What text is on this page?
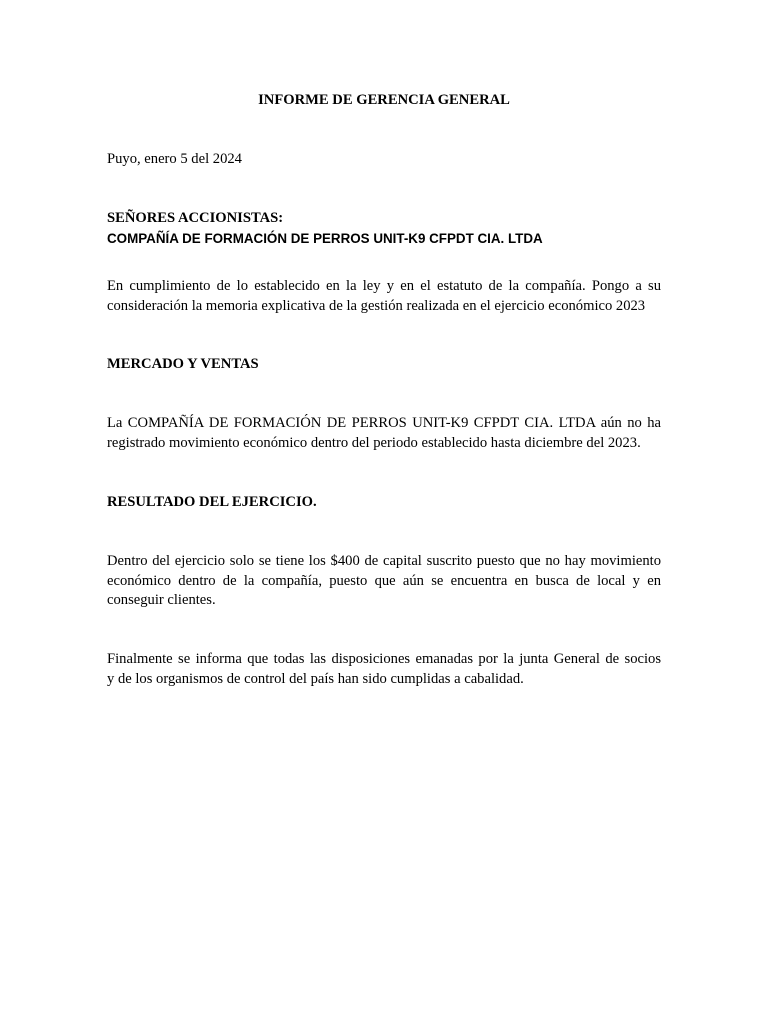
INFORME DE GERENCIA GENERAL
Puyo, enero 5 del 2024
SEÑORES ACCIONISTAS:
COMPAÑÍA DE FORMACIÓN DE PERROS UNIT-K9 CFPDT CIA. LTDA
En cumplimiento de lo establecido en la ley y en el estatuto de la compañía. Pongo a su
consideración la memoria explicativa de la gestión realizada en el ejercicio económico 2023
MERCADO Y VENTAS
La COMPAÑÍA DE FORMACIÓN DE PERROS UNIT-K9 CFPDT CIA. LTDA aún no ha
registrado movimiento económico dentro del periodo establecido hasta diciembre del 2023.
RESULTADO DEL EJERCICIO.
Dentro del ejercicio solo se tiene los $400 de capital suscrito puesto que no hay movimiento
económico dentro de la compañía, puesto que aún se encuentra en busca de local y en
conseguir clientes.
Finalmente se informa que todas las disposiciones emanadas por la junta General de socios
y de los organismos de control del país han sido cumplidas a cabalidad.
